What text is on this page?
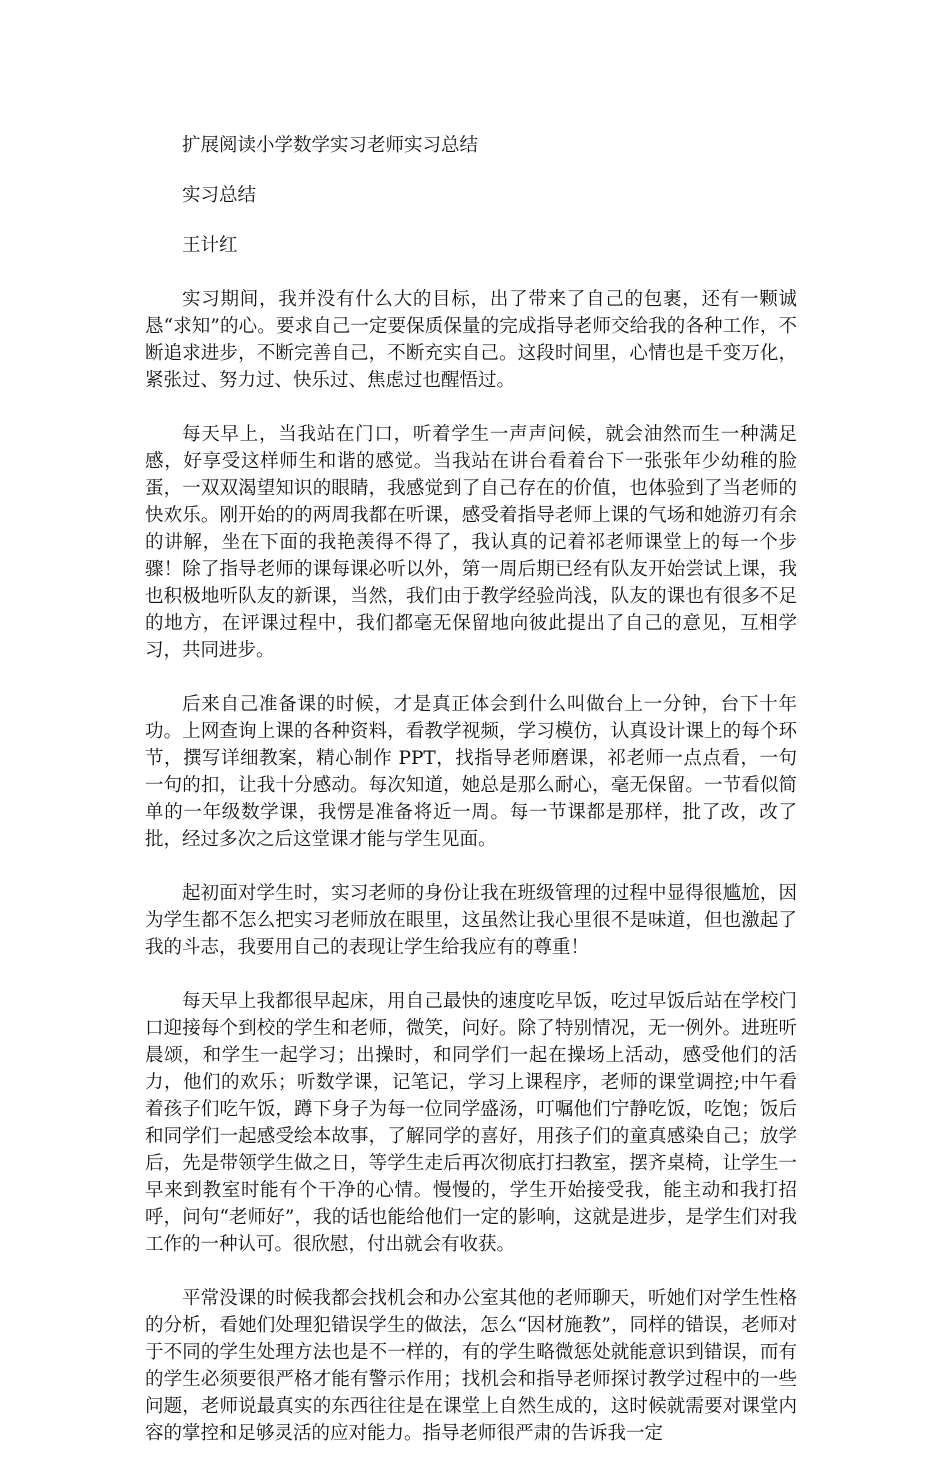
扩展阅读小学数学实习老师实习总结

实习总结

王计红

实习期间，我并没有什么大的目标，出了带来了自己的包裹，还有一颗诚恳“求知”的心。要求自己一定要保质保量的完成指导老师交给我的各种工作，不断追求进步，不断完善自己，不断充实自己。这段时间里，心情也是千变万化，紧张过、努力过、快乐过、焦虑过也醒悟过。

每天早上，当我站在门口，听着学生一声声问候，就会油然而生一种满足感，好享受这样师生和谐的感觉。当我站在讲台看着台下一张张年少幼稚的脸蛋，一双双渴望知识的眼睛，我感觉到了自己存在的价值，也体验到了当老师的快欢乐。刚开始的的两周我都在听课，感受着指导老师上课的气场和她游刃有余的讲解，坐在下面的我艳羡得不得了，我认真的记着祁老师课堂上的每一个步骤！除了指导老师的课每课必听以外，第一周后期已经有队友开始尝试上课，我也积极地听队友的新课，当然，我们由于教学经验尚浅，队友的课也有很多不足的地方，在评课过程中，我们都毫无保留地向彼此提出了自己的意见，互相学习，共同进步。

后来自己准备课的时候，才是真正体会到什么叫做台上一分钟，台下十年功。上网查询上课的各种资料，看教学视频，学习模仿，认真设计课上的每个环节，撰写详细教案，精心制作 PPT，找指导老师磨课，祁老师一点点看，一句一句的扣，让我十分感动。每次知道，她总是那么耐心，毫无保留。一节看似简单的一年级数学课，我愣是准备将近一周。每一节课都是那样，批了改，改了批，经过多次之后这堂课才能与学生见面。

起初面对学生时，实习老师的身份让我在班级管理的过程中显得很尴尬，因为学生都不怎么把实习老师放在眼里，这虽然让我心里很不是味道，但也激起了我的斗志，我要用自己的表现让学生给我应有的尊重！

每天早上我都很早起床，用自己最快的速度吃早饭，吃过早饭后站在学校门口迎接每个到校的学生和老师，微笑，问好。除了特别情况，无一例外。进班听晨颂，和学生一起学习；出操时，和同学们一起在操场上活动，感受他们的活力，他们的欢乐；听数学课，记笔记，学习上课程序，老师的课堂调控;中午看着孩子们吃午饭，蹲下身子为每一位同学盛汤，叮嘱他们宁静吃饭，吃饱；饭后和同学们一起感受绘本故事，了解同学的喜好，用孩子们的童真感染自己；放学后，先是带领学生做之日，等学生走后再次彻底打扫教室，摆齐桌椅，让学生一早来到教室时能有个干净的心情。慢慢的，学生开始接受我，能主动和我打招呼，问句“老师好”，我的话也能给他们一定的影响，这就是进步，是学生们对我工作的一种认可。很欣慰，付出就会有收获。

平常没课的时候我都会找机会和办公室其他的老师聊天，听她们对学生性格的分析，看她们处理犯错误学生的做法，怎么“因材施教”，同样的错误，老师对于不同的学生处理方法也是不一样的，有的学生略微惩处就能意识到错误，而有的学生必须要很严格才能有警示作用；找机会和指导老师探讨教学过程中的一些问题，老师说最真实的东西往往是在课堂上自然生成的，这时候就需要对课堂内容的掌控和足够灵活的应对能力。指导老师很严肃的告诉我一定
